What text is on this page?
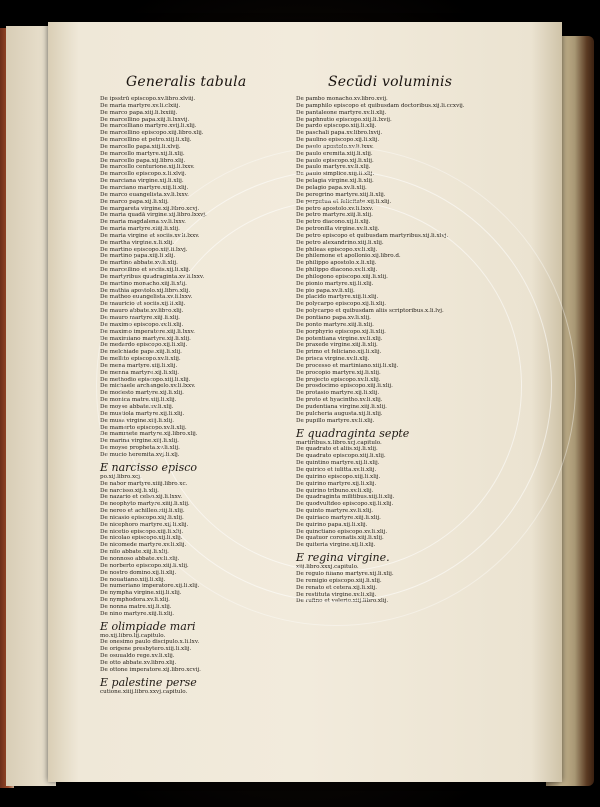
Generalis tabula	Secūdi voluminis
De ipsstrū episcopo.xv.libro.xlviij.
De maria martyre.xv.li.clxiij.
De marco papa.xiij.li.lxxiiij.
De marcellino papa.xiij.li.lxxvij.
De marcelliano martyre.xvij.li.xlij.
De marcellino episcopo.xiij.libro.xlij.
De marcellino et petro.xiij.li.xlij.
De marcello papa.xiij.li.xlvij.
De marcello martyre.xij.li.xlij.
De marcello papa.xij.libro.xlij.
De marcello centurione.xij.li.lxxv.
De marcello episcopo.x.li.xlvij.
De marciana virgine.xij.li.xlij.
De marciano martyre.xiij.li.xlij.
De marco euangelista.xv.li.lxxv.
De marco papa.xij.li.xlij.
De margareta virgine.xij.libro.xcvj.
De maria quadā virgine.xij.libro.lxxvj.
De maria magdalena.xv.li.lxxv.
De maria martyre.xiiij.li.xlij.
De maria virgine et sociis.xv.li.lxxv.
De martha virgine.x.li.xlij.
De martino episcopo.xiij.li.lxvj.
De martino papa.xiij.li.xlij.
De martino abbate.xv.li.xlij.
De marcellino et sociis.xij.li.xlij.
De martyribus quadraginta.xv.li.lxxv.
De martino monacho.xiij.li.xlij.
De mathia apostolo.xij.libro.xlij.
De matheo euangelista.xv.li.lxxv.
De mauricio et sociis.xij.li.xlij.
De mauro abbate.xv.libro.xlij.
De mauro martyre.xiij.li.xlij.
De maximo episcopo.xv.li.xlij.
De maximo imperatore.xiij.li.lxxv.
De maximiano martyre.xij.li.xlij.
De medardo episcopo.xij.li.xlij.
De melchiade papa.xiij.li.xlij.
De mellito episcopo.xv.li.xlij.
De mena martyre.xiij.li.xlij.
De menna martyre.xij.li.xlij.
De methodio episcopo.xiij.li.xlij.
De michaele archangelo.xv.li.lxxv.
De modesto martyre.xij.li.xlij.
De monica matre.xiij.li.xlij.
De moyse abbate.xv.li.xlij.
De mustiola martyre.xij.li.xlij.
De musa virgine.xiij.li.xlij.
De mamerto episcopo.xv.li.xlij.
De mammete martyre.xij.libro.xlij.
De marina virgine.xiij.li.xlij.
De moyse propheta.xv.li.xlij.
De mucio heremita.xvj.li.xlj.
E narcisso episco
po.xij.libro.xcj.
De nabor martyre.xiiij.libro.xc.
De narcisso.xij.li.xlij.
De nazario et celso.xij.li.lxxv.
De neophyto martyre.xiiij.li.xlij.
De nereo et achilleo.xiij.li.xlij.
De nicasio episcopo.xiij.li.xlij.
De nicephoro martyre.xij.li.xlij.
De nicetio episcopo.xiij.li.xlij.
De nicolao episcopo.xij.li.xlij.
De nicomede martyre.xv.li.xlij.
De nilo abbate.xiij.li.xlij.
De nonnoso abbate.xv.li.xlij.
De norberto episcopo.xiij.li.xlij.
De nostro domino.xij.li.xlij.
De nouatiano.xiij.li.xlij.
De numeriano imperatore.xij.li.xlij.
De nympha virgine.xiij.li.xlij.
De nymphodora.xv.li.xlij.
De nonna matre.xij.li.xlij.
De nino martyre.xiij.li.xlij.
E olimpiade mari
mo.xij.libro.lij.capitulo.
De onesimo paulo discipulo.x.li.lxv.
De origene presbytero.xiij.li.xlij.
De osuualdo rege.xv.li.xlij.
De otto abbate.xv.libro.xlij.
De ottone imperatore.xij.libro.xcvij.
E palestine perse
cutione.xiiij.libro.xxvj.capitulo.
De pambo monacho.xv.libro.xvij.
De pamphilo episcopo et quibusdam doctoribus.xij.li.ccxvij.
De pantaleone martyre.xv.li.xlij.
De paphnutio episcopo.xiij.li.lxvij.
De pardo episcopo.xiij.li.xlij.
De paschali papa.xv.libro.lxvij.
De paulino episcopo.xij.li.xlij.
De paulo apostolo.xv.li.lxxv.
De paulo eremita.xiij.li.xlij.
De paulo episcopo.xij.li.xlij.
De paulo martyre.xv.li.xlij.
De paulo simplice.xiij.li.xlij.
De pelagia virgine.xij.li.xlij.
De pelagio papa.xv.li.xlij.
De peregrino martyre.xiij.li.xlij.
De perpetua et felicitate.xij.li.xlij.
De petro apostolo.xv.li.lxxv.
De petro martyre.xiij.li.xlij.
De petro diacono.xij.li.xlij.
De petronilla virgine.xv.li.xlij.
De petro episcopo et quibusdam martyribus.xij.li.xlvj.
De petro alexandrino.xiij.li.xlij.
De phileas episcopo.xv.li.xlij.
De philemone et apollonio.xij.libro.d.
De philippo apostolo.x.li.xlij.
De philippo diacono.xv.li.xlij.
De philogono episcopo.xiij.li.xlij.
De pionio martyre.xij.li.xlij.
De pio papa.xv.li.xlij.
De placido martyre.xiij.li.xlij.
De polycarpo episcopo.xij.li.xlij.
De polycarpo et quibusdam aliis scriptoribus.x.li.lvj.
De pontiano papa.xv.li.xlij.
De ponto martyre.xiij.li.xlij.
De porphyrio episcopo.xij.li.xlij.
De potentiana virgine.xv.li.xlij.
De praxede virgine.xiij.li.xlij.
De primo et feliciano.xij.li.xlij.
De prisca virgine.xv.li.xlij.
De processo et martiniano.xiij.li.xlij.
De procopio martyre.xij.li.xlij.
De projecto episcopo.xv.li.xlij.
De prosdocimo episcopo.xiij.li.xlij.
De protasio martyre.xij.li.xlij.
De proto et hyacintho.xv.li.xlij.
De pudentiana virgine.xiij.li.xlij.
De pulcheria augusta.xij.li.xlij.
De pupillo martyre.xv.li.xlij.
E quadraginta septe
martiribus.x.libro.xcj.capitulo.
De quadrato et aliis.xij.li.xlij.
De quadrato episcopo.xiij.li.xlij.
De quintino martyre.xij.li.xlij.
De quirico et iulitta.xv.li.xlij.
De quirino episcopo.xiij.li.xlij.
De quirino martyre.xij.li.xlij.
De quirino tribuno.xv.li.xlij.
De quadraginta militibus.xiij.li.xlij.
De quodvultdeo episcopo.xij.li.xlij.
De quinto martyre.xv.li.xlij.
De quiriaco martyre.xiij.li.xlij.
De quirino papa.xij.li.xlij.
De quinctiano episcopo.xv.li.xlij.
De quatuor coronatis.xiij.li.xlij.
De quiteria virgine.xij.li.xlij.
E regina virgine.
xiij.libro.xxxj.capitulo.
De regulo filiano martyre.xij.li.xlij.
De remigio episcopo.xiij.li.xlij.
De renato et cetera.xij.li.xlij.
De restituta virgine.xv.li.xlij.
De rufino et valerio.xiij.libro.xlij.
